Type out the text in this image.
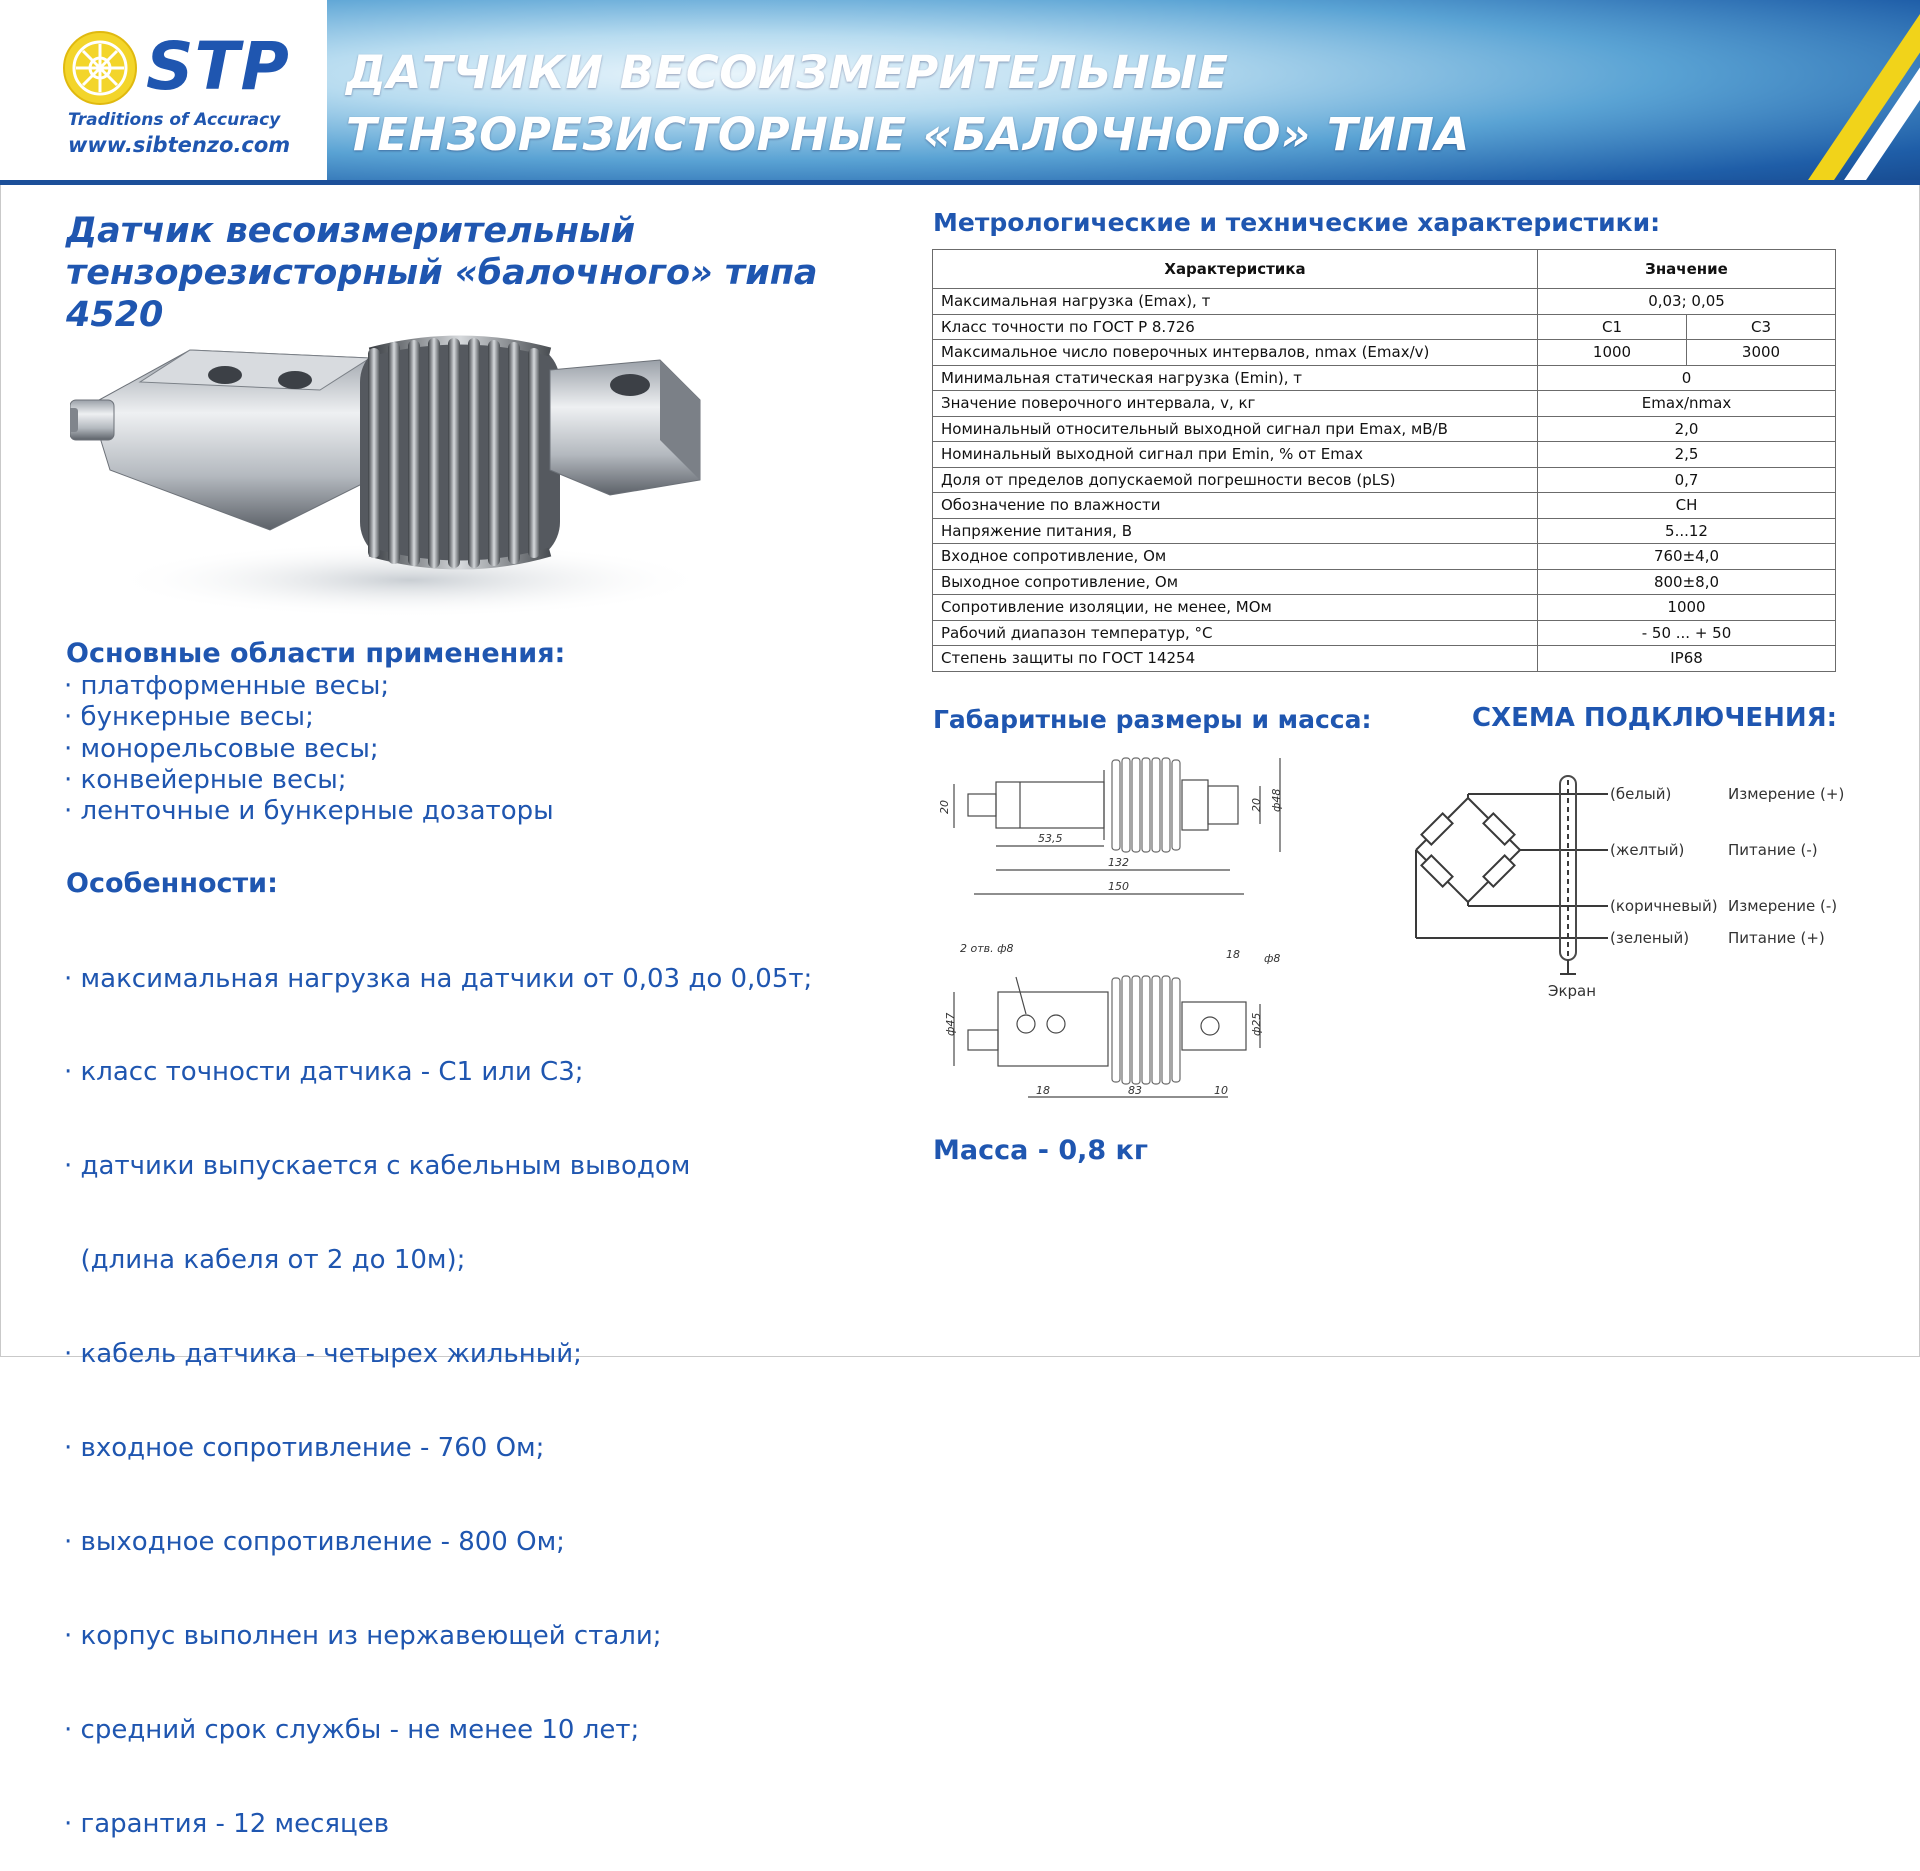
STP
Traditions of Accuracy
www.sibtenzo.com
ДАТЧИКИ ВЕСОИЗМЕРИТЕЛЬНЫЕ
ТЕНЗОРЕЗИСТОРНЫЕ «БАЛОЧНОГО» ТИПА
Датчик весоизмерительный
тензорезисторный «балочного» типа
4520
Основные области применения:
· платформенные весы;
· бункерные весы;
· монорельсовые весы;
· конвейерные весы;
· ленточные и бункерные дозаторы
Особенности:

· максимальная нагрузка на датчики от 0,03 до 0,05т;

· класс точности датчика - С1 или С3;

· датчики выпускается с кабельным выводом

(длина кабеля от 2 до 10м);

· кабель датчика - четырех жильный;

· входное сопротивление - 760 Ом;

· выходное сопротивление - 800 Ом;

· корпус выполнен из нержавеющей стали;

· средний срок службы - не менее 10 лет;

· гарантия - 12 месяцев

Метрологические и технические характеристики:
Характеристика	Значение	
Максимальная нагрузка (Emax), т	0,03; 0,05	
Класс точности по ГОСТ Р 8.726	С1	С3
Максимальное число поверочных интервалов, nmax (Emax/v)	1000	3000
Минимальная статическая нагрузка (Emin), т	0	
Значение поверочного интервала, v, кг	Emax/nmax	
Номинальный относительный выходной сигнал при Emax, мВ/В	2,0	
Номинальный выходной сигнал при Emin, % от Emax	2,5	
Доля от пределов допускаемой погрешности весов (pLS)	0,7	
Обозначение по влажности	СН	
Напряжение питания, В	5...12	
Входное сопротивление, Ом	760±4,0	
Выходное сопротивление, Ом	800±8,0	
Сопротивление изоляции, не менее, МОм	1000	
Рабочий диапазон температур, °С	- 50 ... + 50	
Степень защиты по ГОСТ 14254	IP68	
Габаритные размеры и масса:	СХЕМА ПОДКЛЮЧЕНИЯ:
20
53,5
132
150
20 ф48
2 отв. ф8	18 ф8
ф47	ф25
18	83	10
(белый)	Измерение (+)
(желтый)	Питание (-)
(коричневый) Измерение (-)
(зеленый)	Питание (+)
Экран
Масса - 0,8 кг
